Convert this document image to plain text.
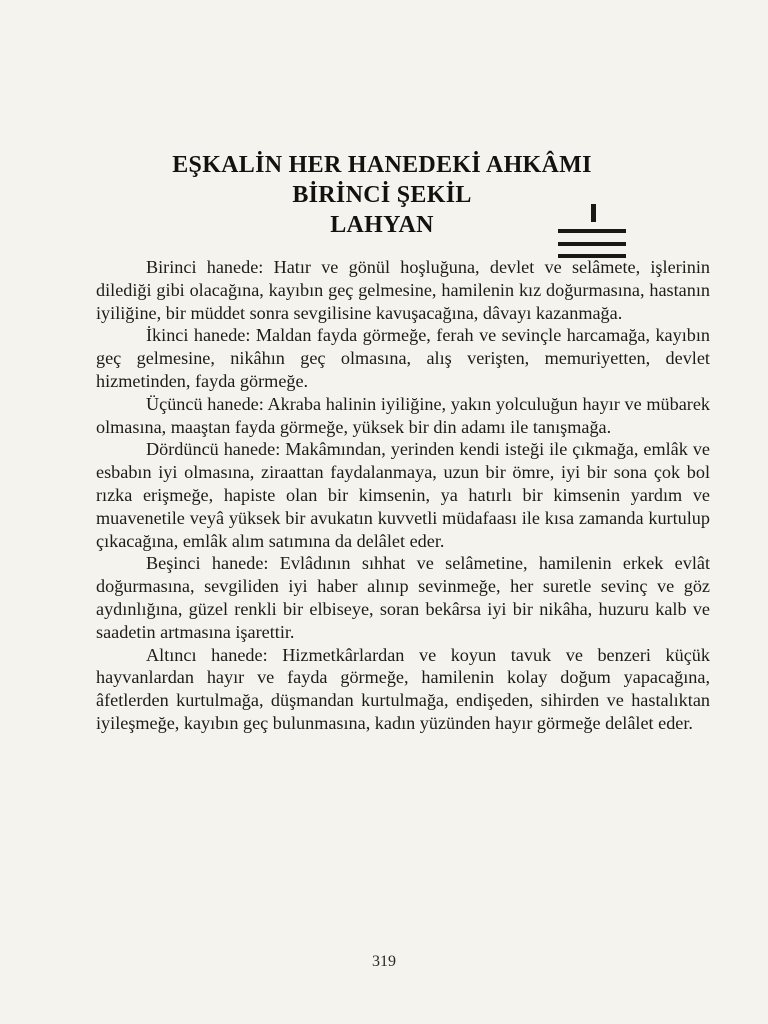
EŞKALİN HER HANEDEKİ AHKÂMI

BİRİNCİ ŞEKİL

LAHYAN

Birinci hanede: Hatır ve gönül hoşluğuna, devlet ve selâmete, işlerinin dilediği gibi olacağına, kayıbın geç gelmesine, hamilenin kız doğurmasına, hastanın iyiliğine, bir müddet sonra sevgilisine kavuşacağına, dâvayı kazanmağa.

İkinci hanede: Maldan fayda görmeğe, ferah ve sevinçle harcamağa, kayıbın geç gelmesine, nikâhın geç olmasına, alış verişten, memuriyetten, devlet hizmetinden, fayda görmeğe.

Üçüncü hanede: Akraba halinin iyiliğine, yakın yolculuğun hayır ve mübarek olmasına, maaştan fayda görmeğe, yüksek bir din adamı ile tanışmağa.

Dördüncü hanede: Makâmından, yerinden kendi isteği ile çıkmağa, emlâk ve esbabın iyi olmasına, ziraattan faydalanmaya, uzun bir ömre, iyi bir sona çok bol rızka erişmeğe, hapiste olan bir kimsenin, ya hatırlı bir kimsenin yardım ve muavenetile veyâ yüksek bir avukatın kuvvetli müdafaası ile kısa zamanda kurtulup çıkacağına, emlâk alım satımına da delâlet eder.

Beşinci hanede: Evlâdının sıhhat ve selâmetine, hamilenin erkek evlât doğurmasına, sevgiliden iyi haber alınıp sevinmeğe, her suretle sevinç ve göz aydınlığına, güzel renkli bir elbiseye, soran bekârsa iyi bir nikâha, huzuru kalb ve saadetin artmasına işarettir.

Altıncı hanede: Hizmetkârlardan ve koyun tavuk ve benzeri küçük hayvanlardan hayır ve fayda görmeğe, hamilenin kolay doğum yapacağına, âfetlerden kurtulmağa, düşmandan kurtulmağa, endişeden, sihirden ve hastalıktan iyileşmeğe, kayıbın geç bulunmasına, kadın yüzünden hayır görmeğe delâlet eder.

319
